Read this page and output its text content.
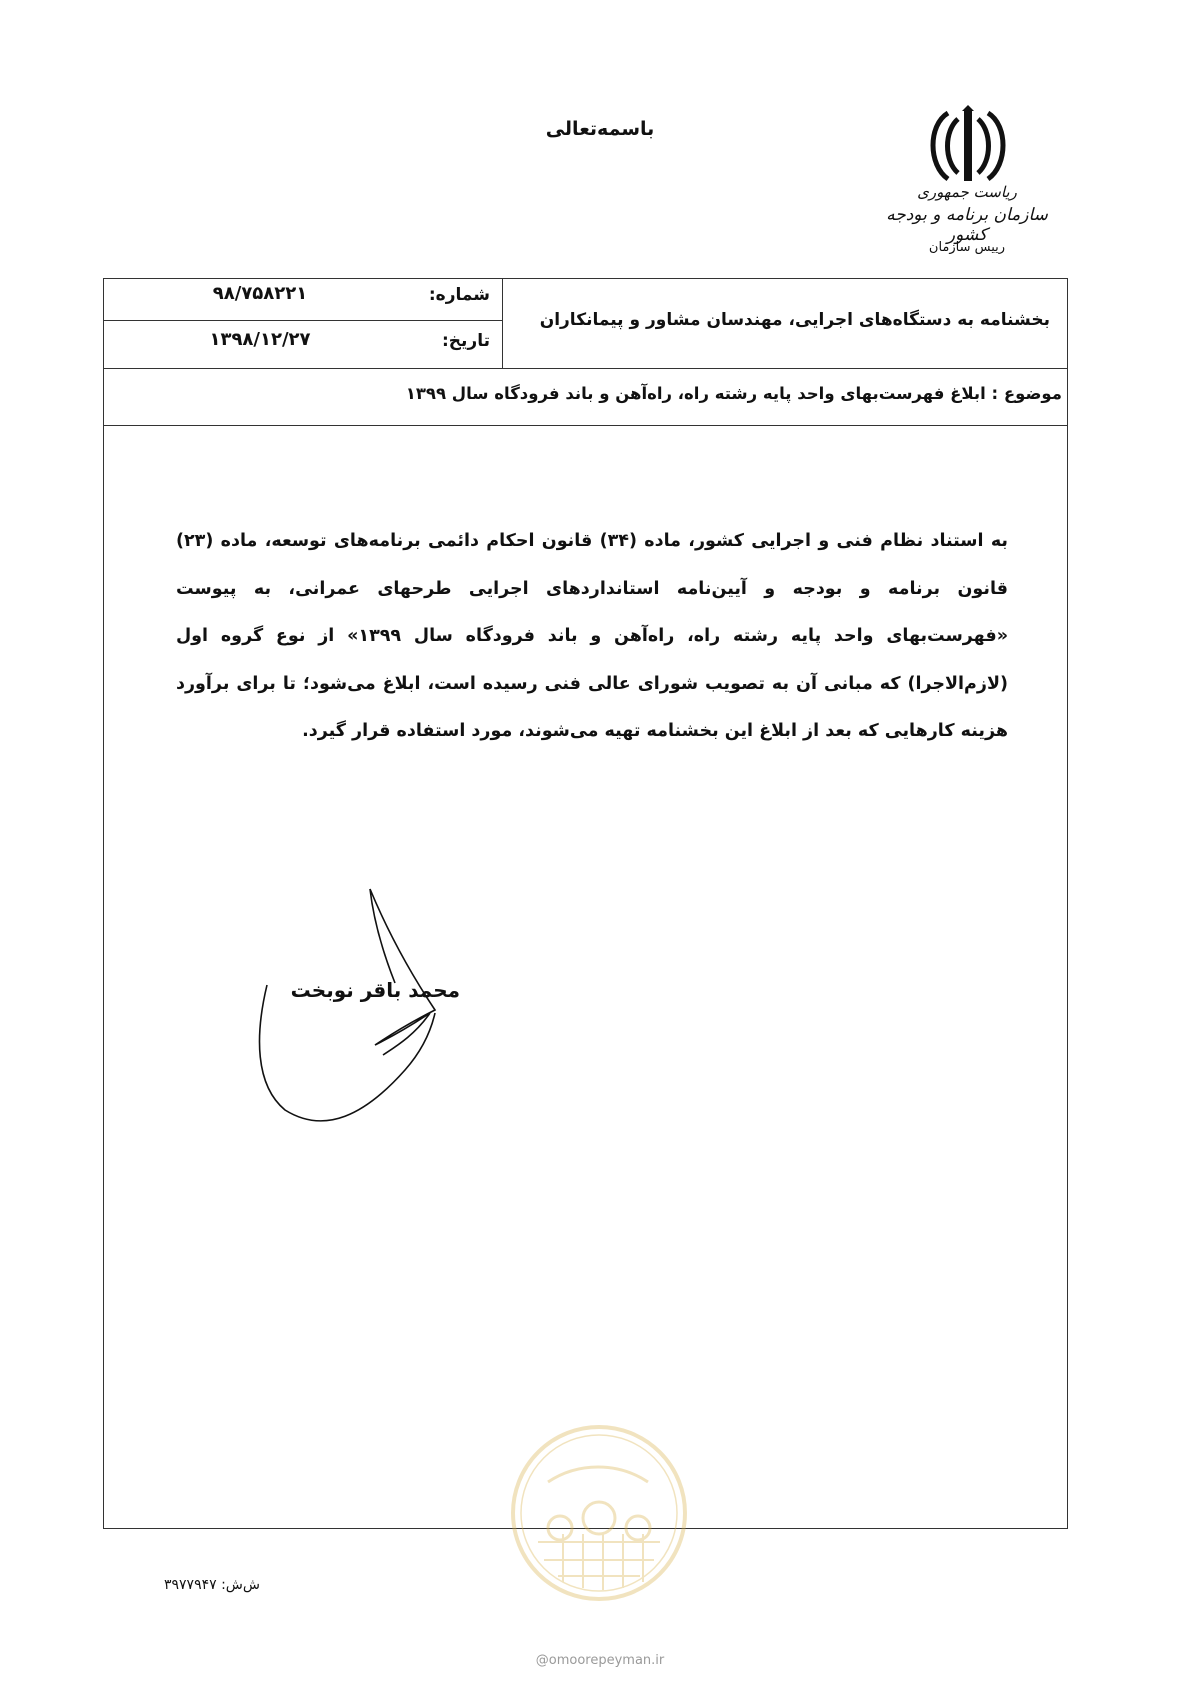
باسمه‌تعالی
ریاست جمهوری
سازمان برنامه و بودجه کشور
رییس سازمان
شماره:
۹۸/۷۵۸۲۲۱
تاریخ:
۱۳۹۸/۱۲/۲۷
بخشنامه به دستگاه‌های اجرایی، مهندسان مشاور و پیمانکاران
موضوع : ابلاغ فهرست‌بهای واحد پایه رشته راه، راه‌آهن و باند فرودگاه سال ۱۳۹۹
به استناد نظام فنی و اجرایی کشور، ماده (۳۴) قانون احکام دائمی برنامه‌های توسعه، ماده (۲۳) قانون برنامه و بودجه و آیین‌نامه استانداردهای اجرایی طرحهای عمرانی، به پیوست «فهرست‌بهای واحد پایه رشته راه، راه‌آهن و باند فرودگاه سال ۱۳۹۹» از نوع گروه اول (لازم‌الاجرا) که مبانی آن به تصویب شورای عالی فنی رسیده است، ابلاغ می‌شود؛ تا برای برآورد هزینه کارهایی که بعد از ابلاغ این بخشنامه تهیه می‌شوند، مورد استفاده قرار گیرد.
محمد باقر نوبخت
ش‌ش: ۳۹۷۷۹۴۷
@omoorepeyman.ir
